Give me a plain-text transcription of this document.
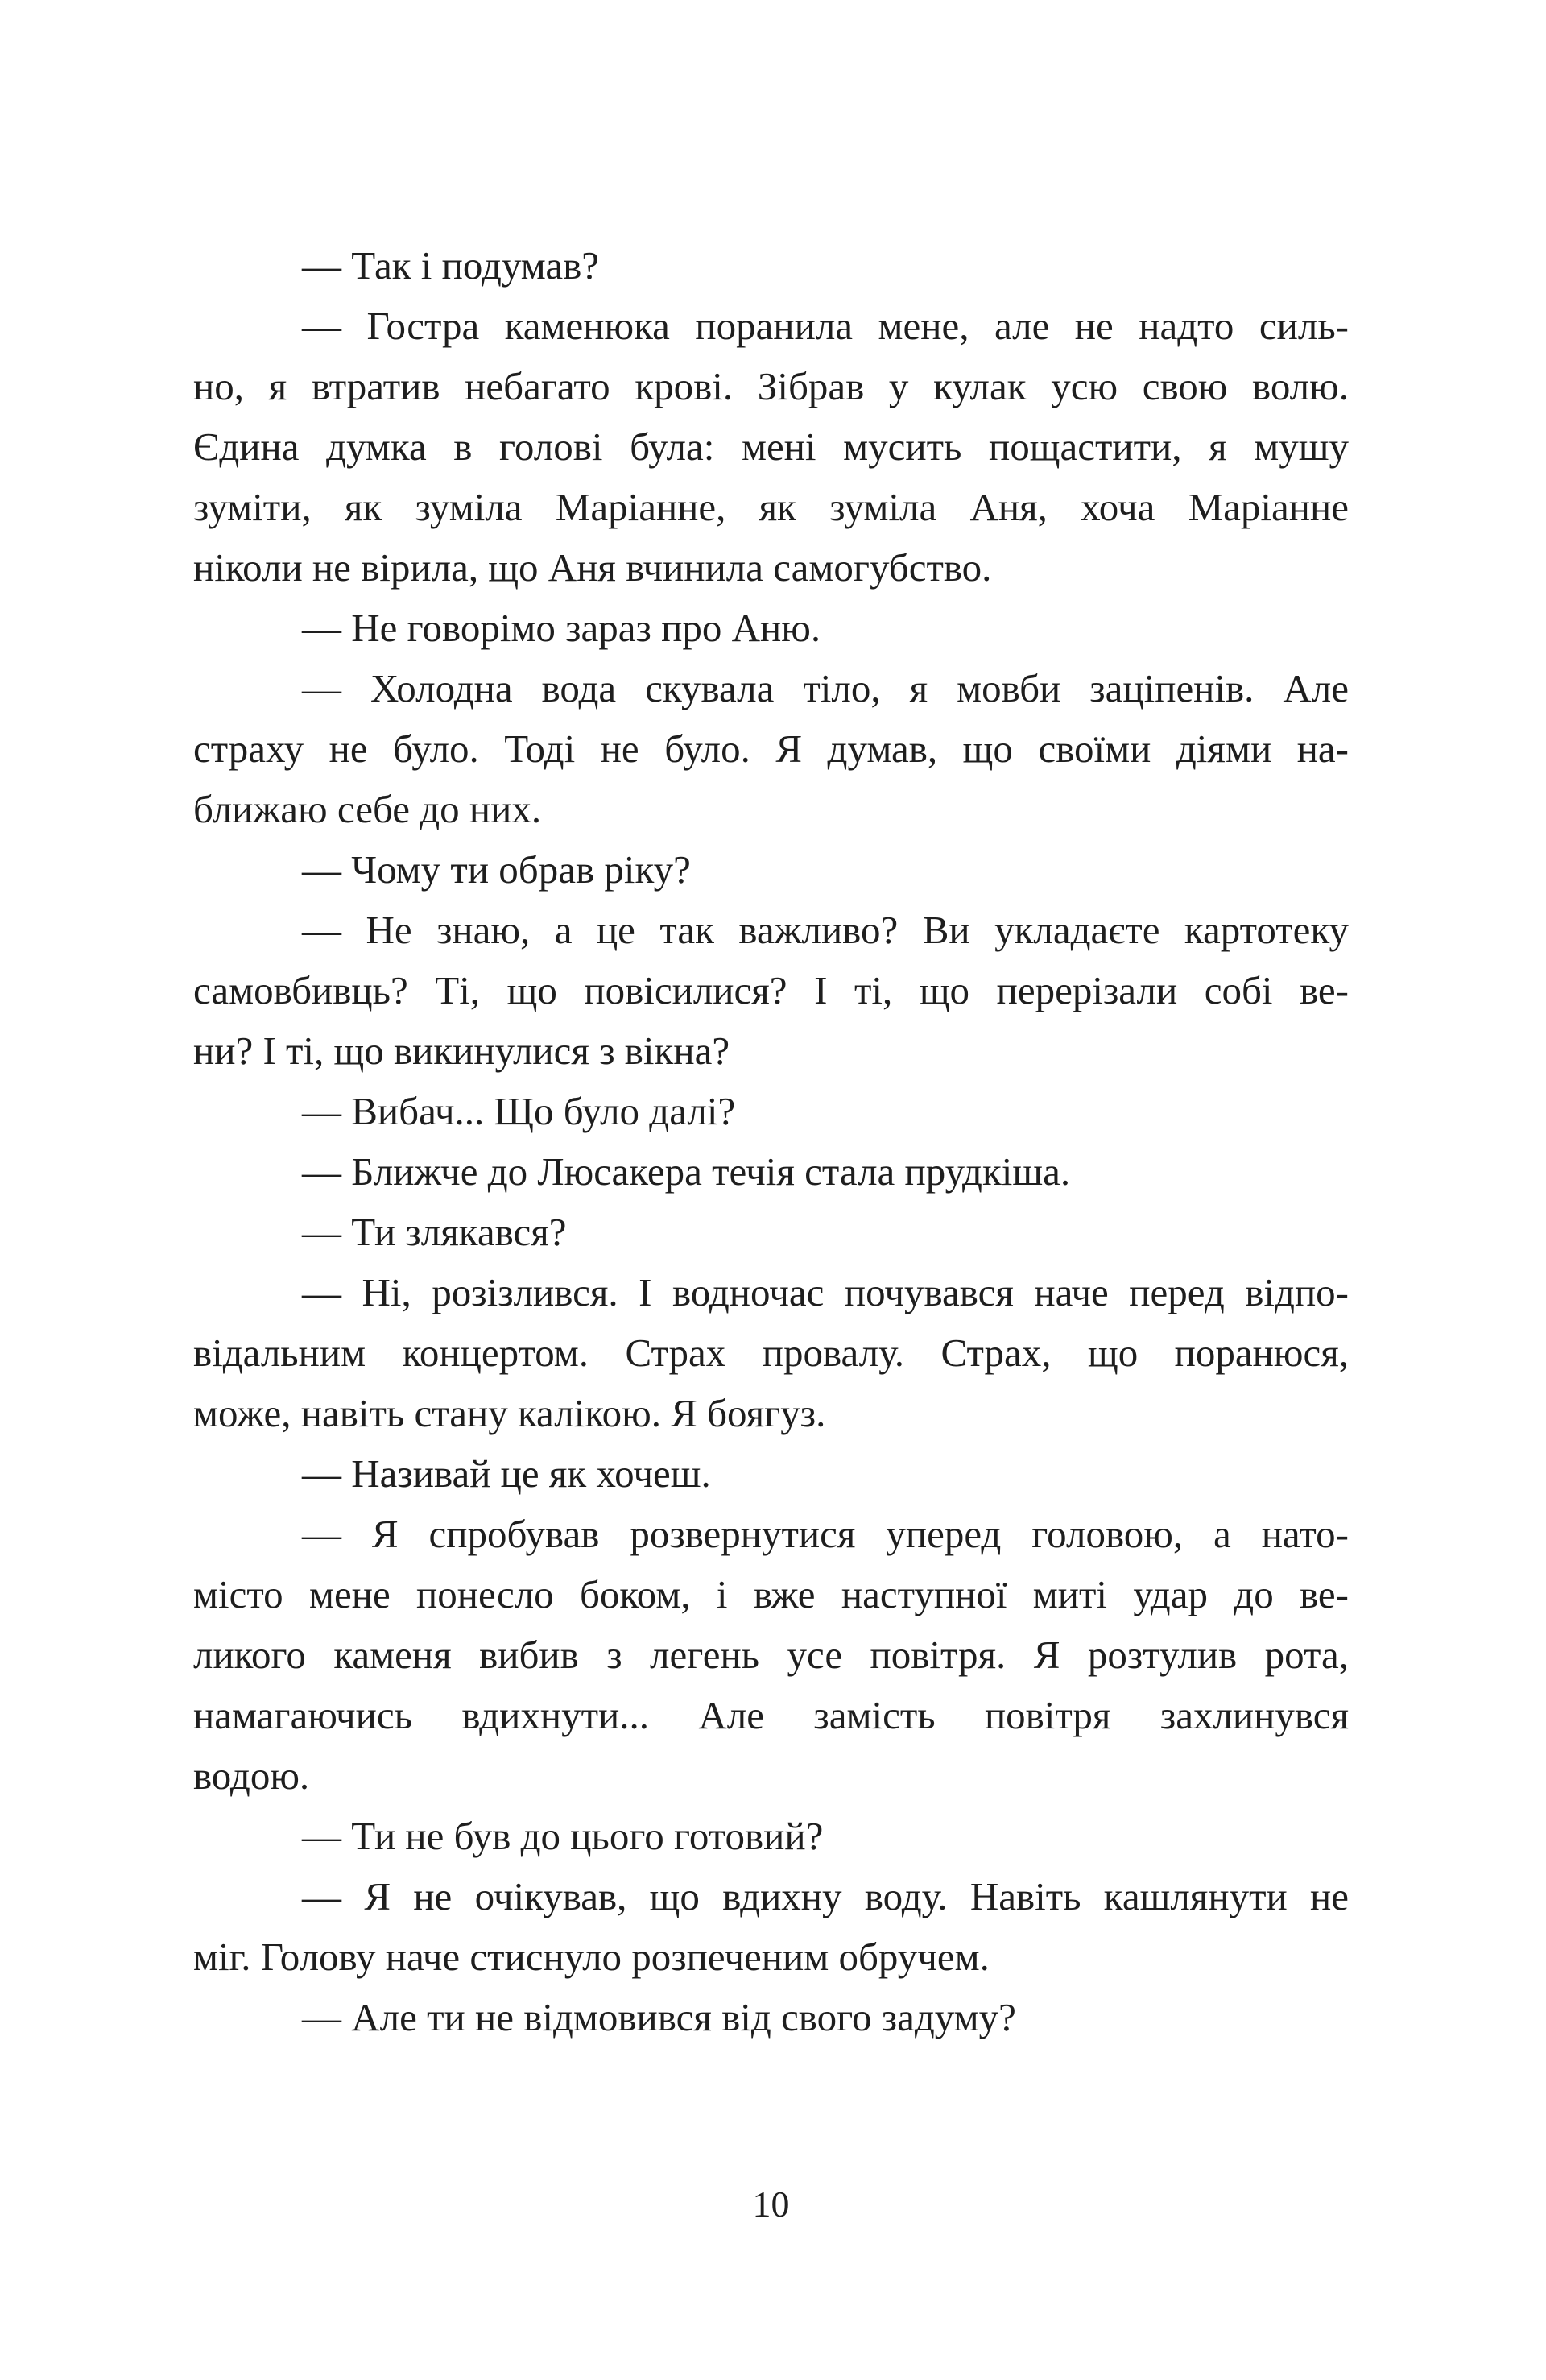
— Так і подумав?
— Гостра каменюка поранила мене, але не надто силь-
но, я втратив небагато крові. Зібрав у кулак усю свою волю.
Єдина думка в голові була: мені мусить пощастити, я мушу
зуміти, як зуміла Маріанне, як зуміла Аня, хоча Маріанне
ніколи не вірила, що Аня вчинила самогубство.
— Не говорімо зараз про Аню.
— Холодна вода скувала тіло, я мовби заціпенів. Але
страху не було. Тоді не було. Я думав, що своїми діями на-
ближаю себе до них.
— Чому ти обрав ріку?
— Не знаю, а це так важливо? Ви укладаєте картотеку
самовбивць? Ті, що повісилися? І ті, що перерізали собі ве-
ни? І ті, що викинулися з вікна?
— Вибач... Що було далі?
— Ближче до Люсакера течія стала прудкіша.
— Ти злякався?
— Ні, розізлився. І водночас почувався наче перед відпо-
відальним концертом. Страх провалу. Страх, що поранюся,
може, навіть стану калікою. Я боягуз.
— Називай це як хочеш.
— Я спробував розвернутися уперед головою, а нато-
місто мене понесло боком, і вже наступної миті удар до ве-
ликого каменя вибив з легень усе повітря. Я розтулив рота,
намагаючись вдихнути... Але замість повітря захлинувся
водою.
— Ти не був до цього готовий?
— Я не очікував, що вдихну воду. Навіть кашлянути не
міг. Голову наче стиснуло розпеченим обручем.
— Але ти не відмовився від свого задуму?
10
